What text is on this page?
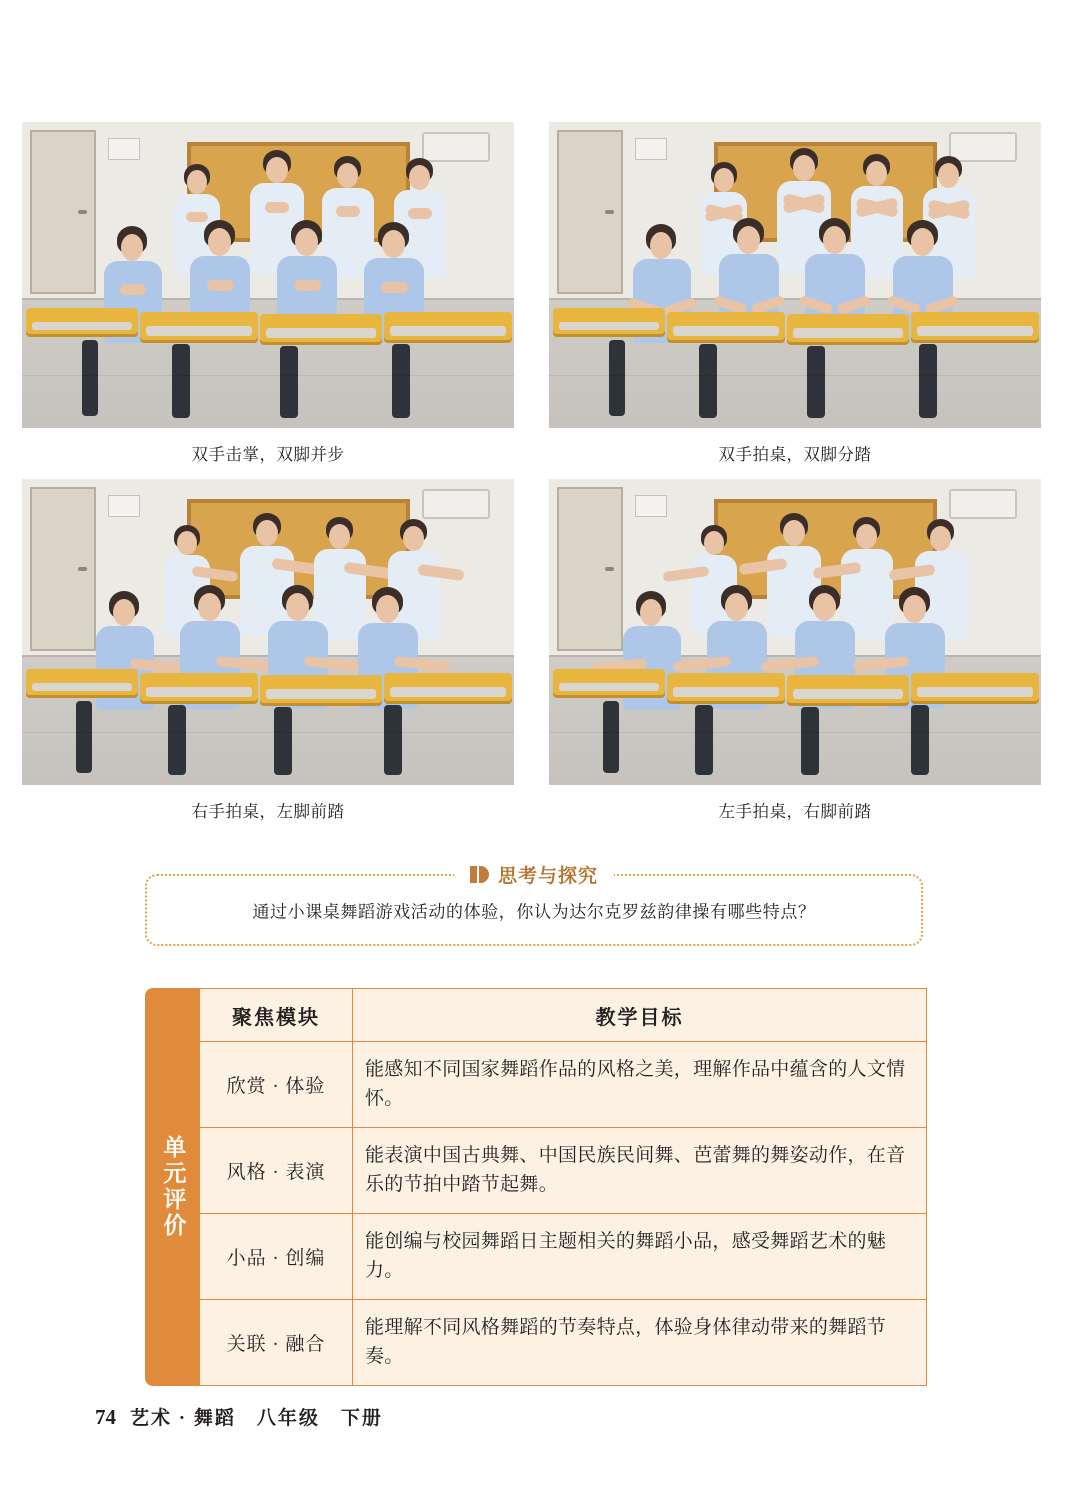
双手击掌，双脚并步	双手拍桌，双脚分踏
右手拍桌，左脚前踏	左手拍桌，右脚前踏
思考与探究
通过小课桌舞蹈游戏活动的体验，你认为达尔克罗兹韵律操有哪些特点？
单元评价
聚焦模块	教学目标
欣赏 · 体验	能感知不同国家舞蹈作品的风格之美，理解作品中蕴含的人文情怀。
风格 · 表演	能表演中国古典舞、中国民族民间舞、芭蕾舞的舞姿动作，在音乐的节拍中踏节起舞。
小品 · 创编	能创编与校园舞蹈日主题相关的舞蹈小品，感受舞蹈艺术的魅力。
关联 · 融合	能理解不同风格舞蹈的节奏特点，体验身体律动带来的舞蹈节奏。
74 艺术 · 舞蹈　八年级　下册
